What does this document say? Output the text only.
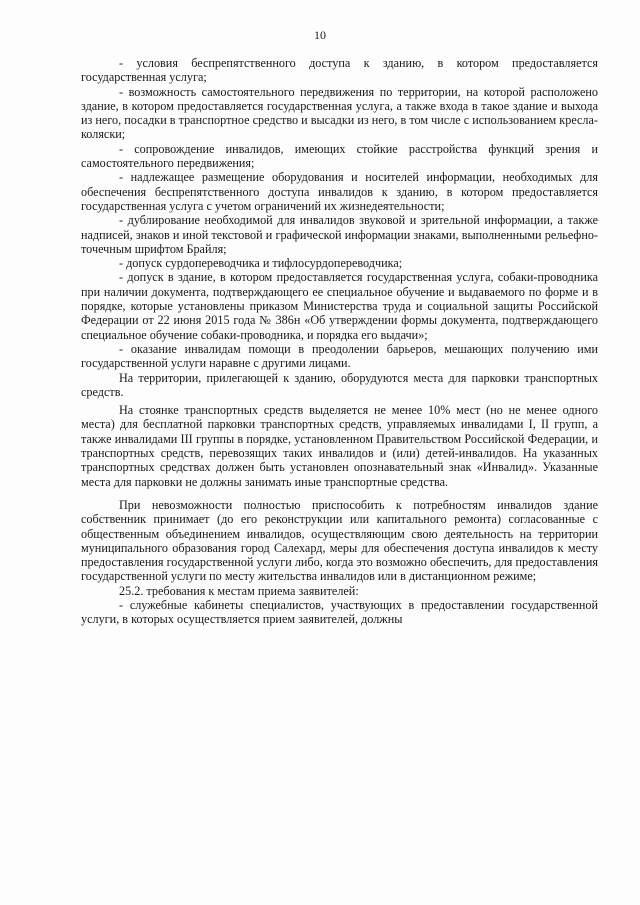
10

- условия беспрепятственного доступа к зданию, в котором предоставляется государственная услуга;

- возможность самостоятельного передвижения по территории, на которой расположено здание, в котором предоставляется государственная услуга, а также входа в такое здание и выхода из него, посадки в транспортное средство и высадки из него, в том числе с использованием кресла-коляски;

- сопровождение инвалидов, имеющих стойкие расстройства функций зрения и самостоятельного передвижения;

- надлежащее размещение оборудования и носителей информации, необходимых для обеспечения беспрепятственного доступа инвалидов к зданию, в котором предоставляется государственная услуга с учетом ограничений их жизнедеятельности;

- дублирование необходимой для инвалидов звуковой и зрительной информации, а также надписей, знаков и иной текстовой и графической информации знаками, выполненными рельефно-точечным шрифтом Брайля;

- допуск сурдопереводчика и тифлосурдопереводчика;

- допуск в здание, в котором предоставляется государственная услуга, собаки-проводника при наличии документа, подтверждающего ее специальное обучение и выдаваемого по форме и в порядке, которые установлены приказом Министерства труда и социальной защиты Российской Федерации от 22 июня 2015 года № 386н «Об утверждении формы документа, подтверждающего специальное обучение собаки-проводника, и порядка его выдачи»;

- оказание инвалидам помощи в преодолении барьеров, мешающих получению ими государственной услуги наравне с другими лицами.

На территории, прилегающей к зданию, оборудуются места для парковки транспортных средств.

На стоянке транспортных средств выделяется не менее 10% мест (но не менее одного места) для бесплатной парковки транспортных средств, управляемых инвалидами I, II групп, а также инвалидами III группы в порядке, установленном Правительством Российской Федерации, и транспортных средств, перевозящих таких инвалидов и (или) детей-инвалидов. На указанных транспортных средствах должен быть установлен опознавательный знак «Инвалид». Указанные места для парковки не должны занимать иные транспортные средства.

При невозможности полностью приспособить к потребностям инвалидов здание собственник принимает (до его реконструкции или капитального ремонта) согласованные с общественным объединением инвалидов, осуществляющим свою деятельность на территории муниципального образования город Салехард, меры для обеспечения доступа инвалидов к месту предоставления государственной услуги либо, когда это возможно обеспечить, для предоставления государственной услуги по месту жительства инвалидов или в дистанционном режиме;

25.2. требования к местам приема заявителей:

- служебные кабинеты специалистов, участвующих в предоставлении государственной услуги, в которых осуществляется прием заявителей, должны
